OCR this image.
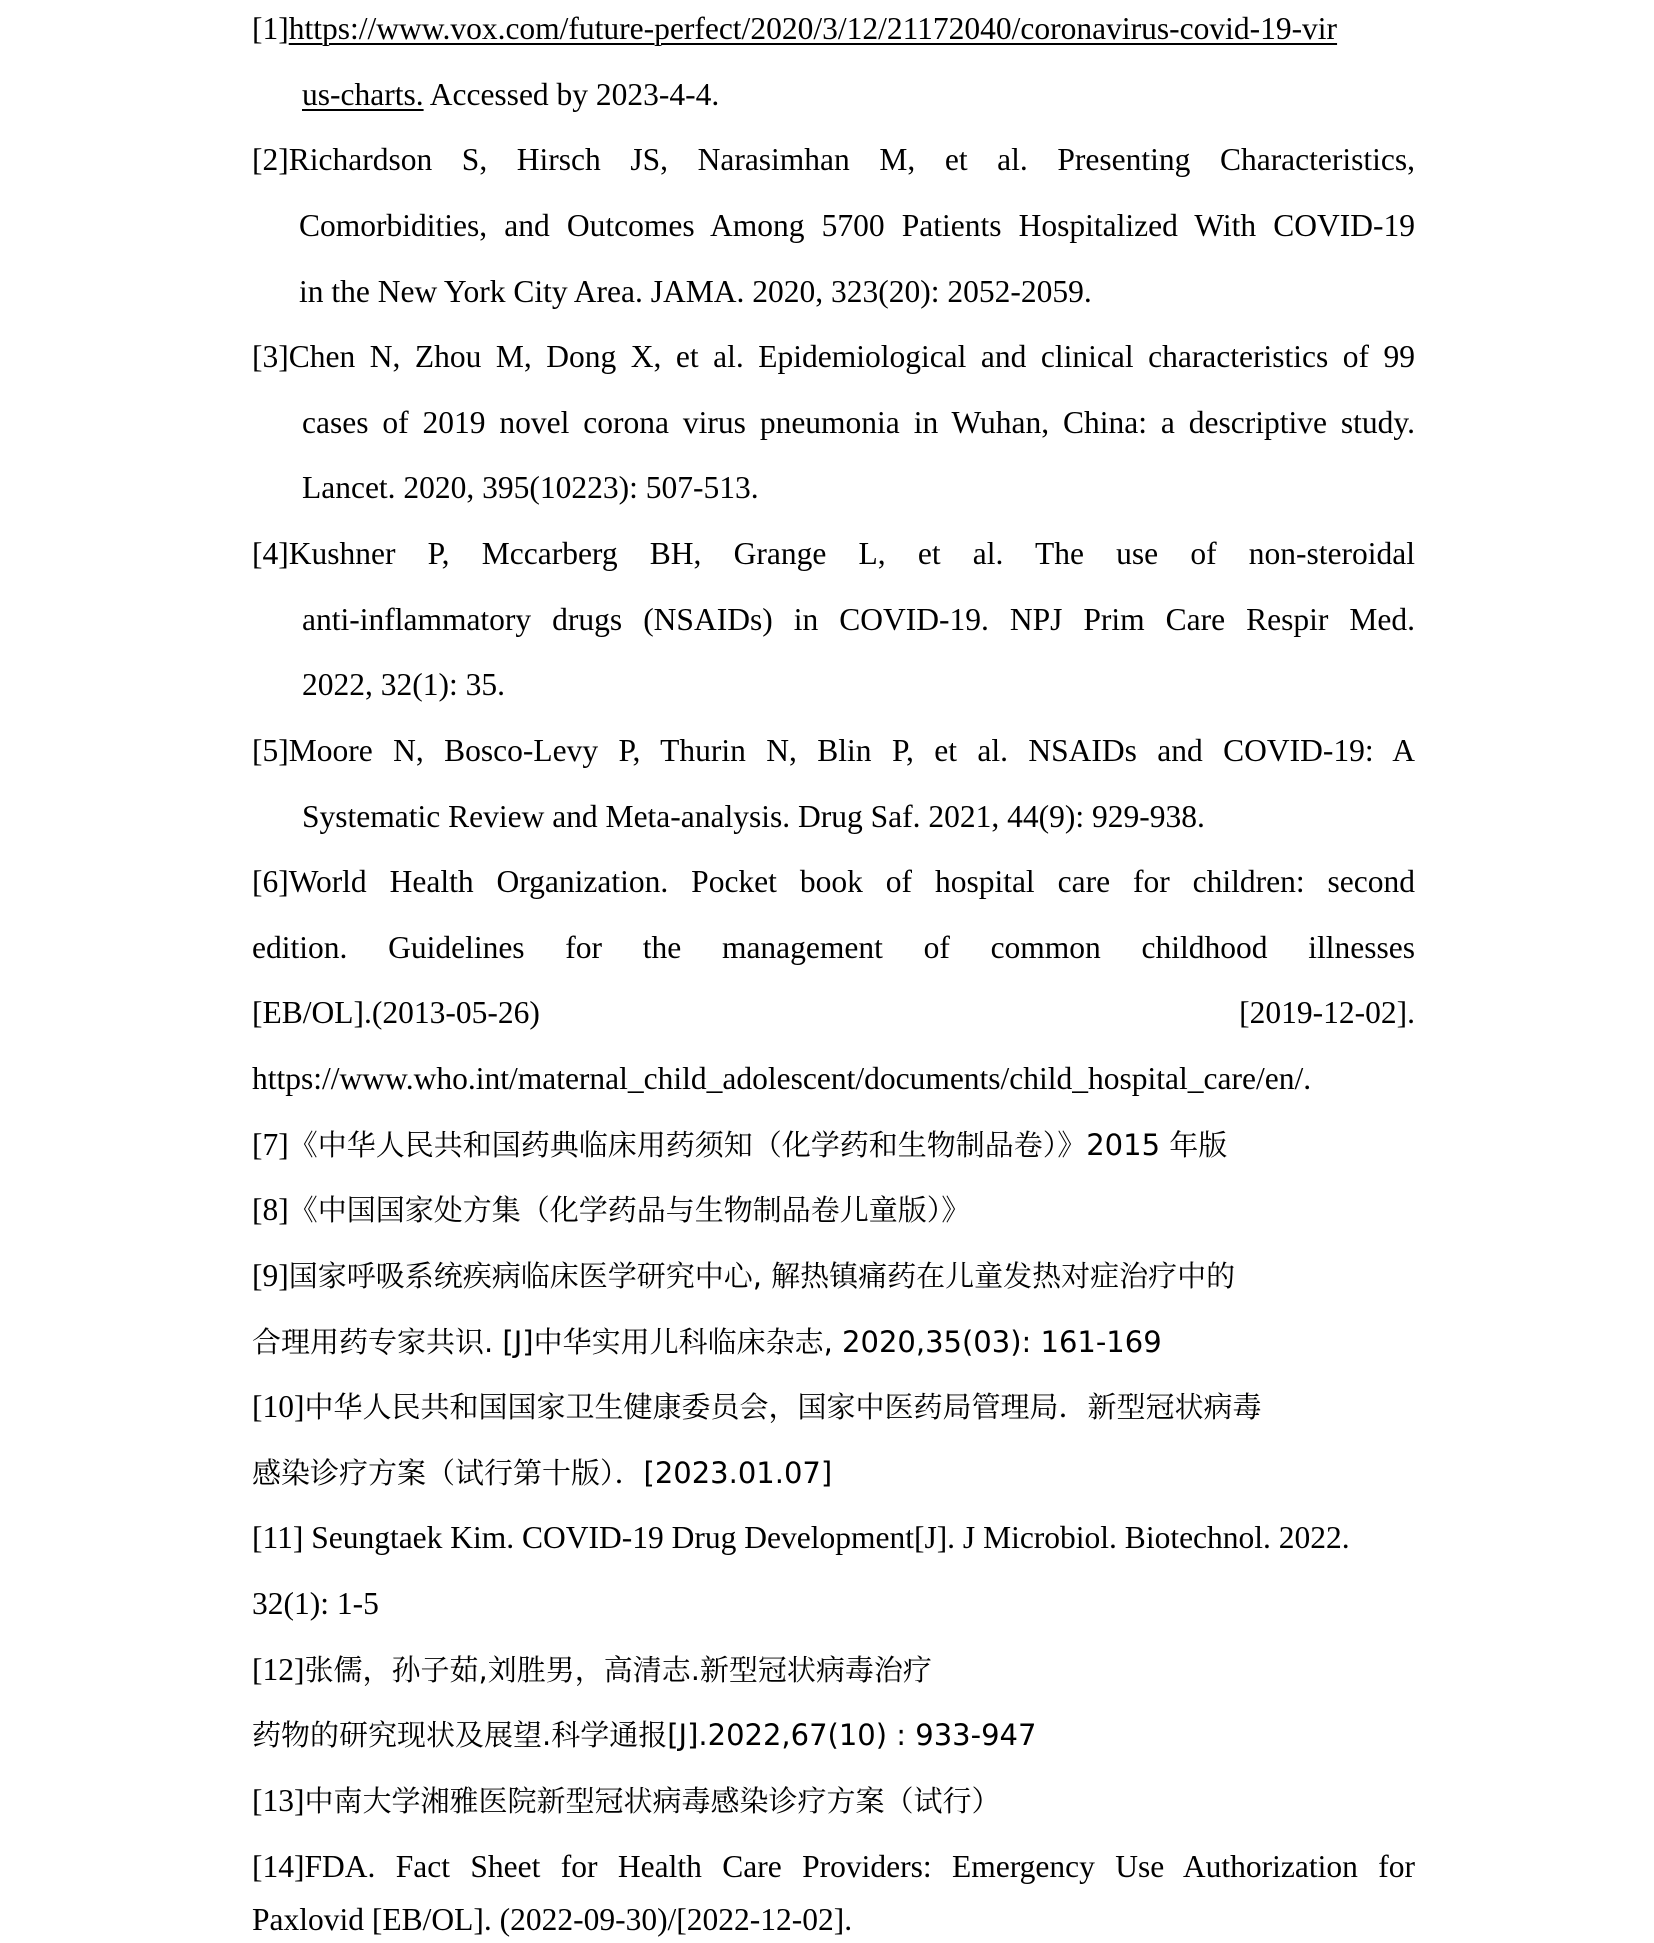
[1]https://www.vox.com/future-perfect/2020/3/12/21172040/coronavirus-covid-19-vir
us-charts. Accessed by 2023-4-4.
[2]Richardson S, Hirsch JS, Narasimhan M, et al. Presenting Characteristics,
Comorbidities, and Outcomes Among 5700 Patients Hospitalized With COVID-19
in the New York City Area. JAMA. 2020, 323(20): 2052-2059.
[3]Chen N, Zhou M, Dong X, et al. Epidemiological and clinical characteristics of 99
cases of 2019 novel corona virus pneumonia in Wuhan, China: a descriptive study.
Lancet. 2020, 395(10223): 507-513.
[4]Kushner P, Mccarberg BH, Grange L, et al. The use of non-steroidal
anti-inflammatory drugs (NSAIDs) in COVID-19. NPJ Prim Care Respir Med.
2022, 32(1): 35.
[5]Moore N, Bosco-Levy P, Thurin N, Blin P, et al. NSAIDs and COVID-19: A
Systematic Review and Meta-analysis. Drug Saf. 2021, 44(9): 929-938.
[6]World Health Organization. Pocket book of hospital care for children: second
edition. Guidelines for the management of common childhood illnesses
[EB/OL].(2013-05-26) [2019-12-02].
https://www.who.int/maternal_child_adolescent/documents/child_hospital_care/en/.
[7]《中华人民共和国药典临床用药须知（化学药和生物制品卷）》2015 年版
[8]《中国国家处方集（化学药品与生物制品卷儿童版）》
[9]国家呼吸系统疾病临床医学研究中心, 解热镇痛药在儿童发热对症治疗中的
合理用药专家共识. [J]中华实用儿科临床杂志, 2020,35(03): 161-169
[10]中华人民共和国国家卫生健康委员会，国家中医药局管理局．新型冠状病毒
感染诊疗方案（试行第十版）．[2023.01.07]
[11] Seungtaek Kim. COVID-19 Drug Development[J]. J Microbiol. Biotechnol. 2022.
32(1): 1-5
[12]张儒，孙子茹,刘胜男，高清志.新型冠状病毒治疗
药物的研究现状及展望.科学通报[J].2022,67(10) : 933-947
[13]中南大学湘雅医院新型冠状病毒感染诊疗方案（试行）
[14]FDA. Fact Sheet for Health Care Providers: Emergency Use Authorization for
Paxlovid [EB/OL]. (2022-09-30)/[2022-12-02].
